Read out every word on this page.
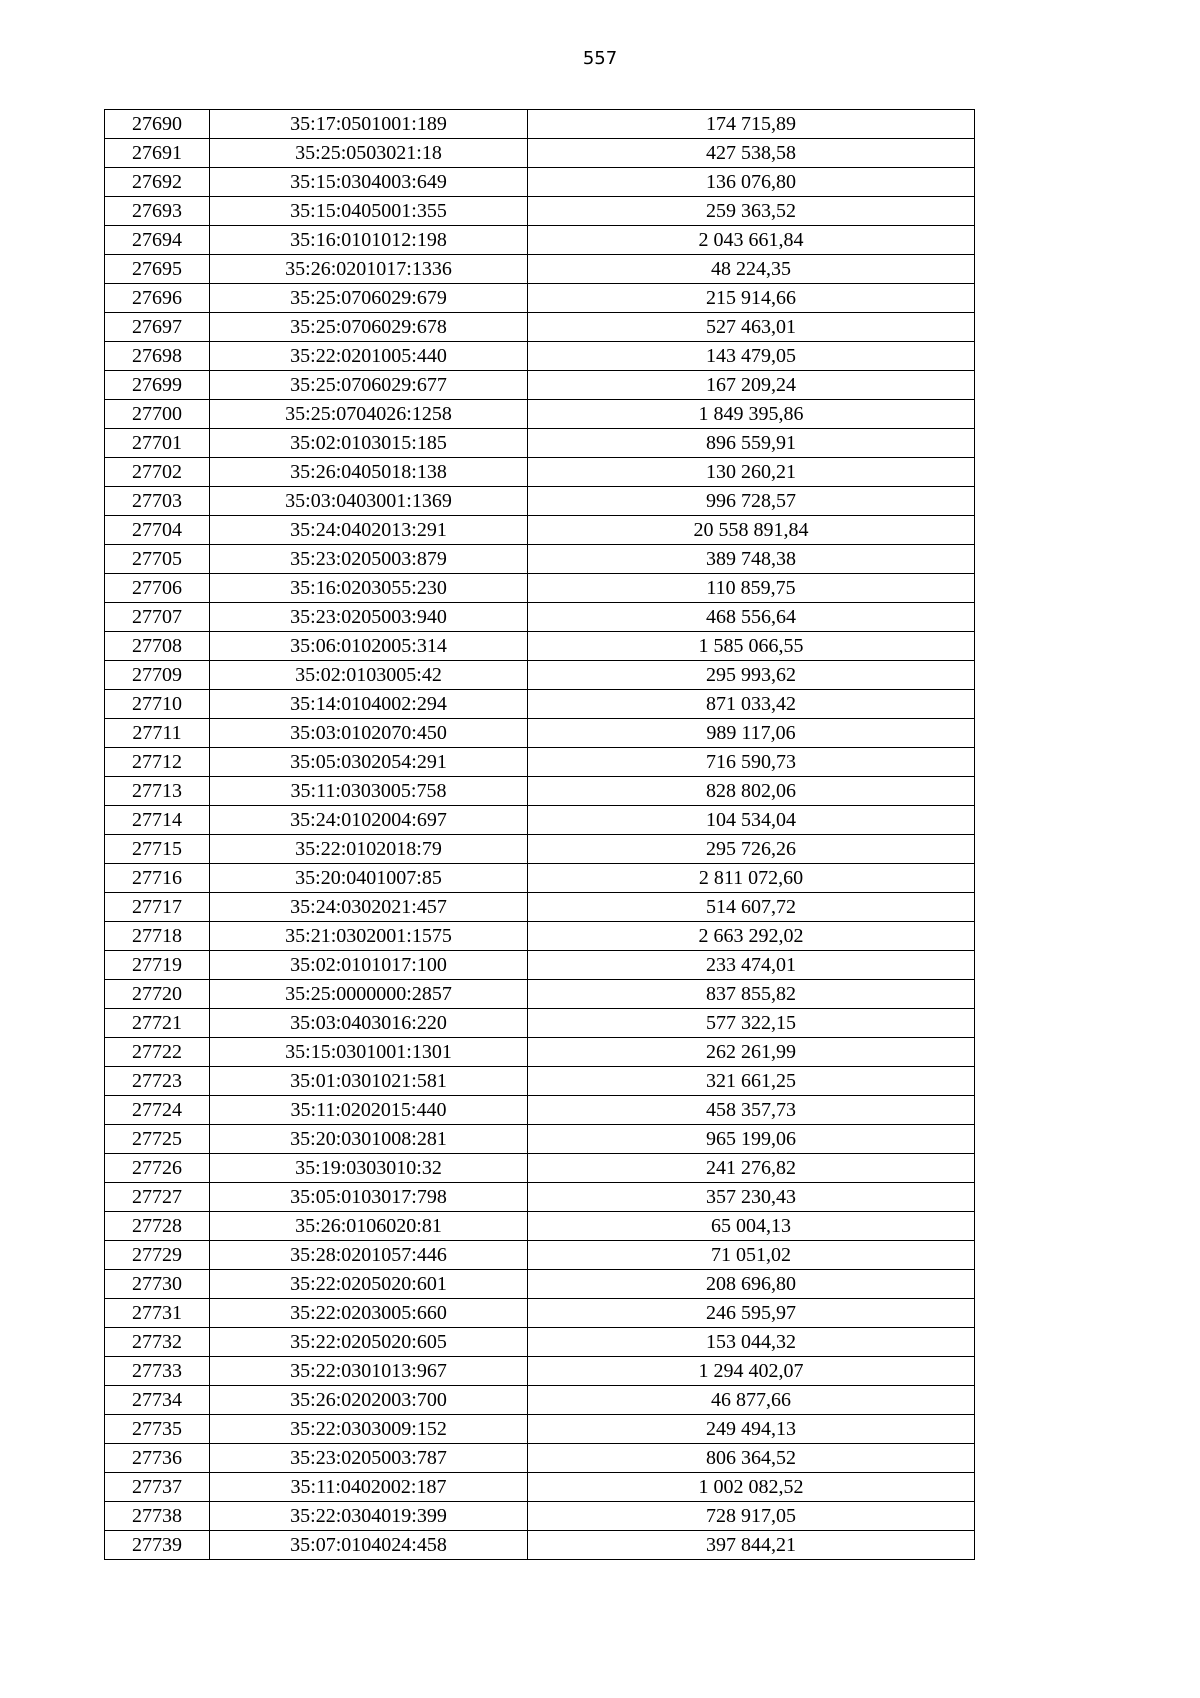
557
27690	35:17:0501001:189	174 715,89
27691	35:25:0503021:18	427 538,58
27692	35:15:0304003:649	136 076,80
27693	35:15:0405001:355	259 363,52
27694	35:16:0101012:198	2 043 661,84
27695	35:26:0201017:1336	48 224,35
27696	35:25:0706029:679	215 914,66
27697	35:25:0706029:678	527 463,01
27698	35:22:0201005:440	143 479,05
27699	35:25:0706029:677	167 209,24
27700	35:25:0704026:1258	1 849 395,86
27701	35:02:0103015:185	896 559,91
27702	35:26:0405018:138	130 260,21
27703	35:03:0403001:1369	996 728,57
27704	35:24:0402013:291	20 558 891,84
27705	35:23:0205003:879	389 748,38
27706	35:16:0203055:230	110 859,75
27707	35:23:0205003:940	468 556,64
27708	35:06:0102005:314	1 585 066,55
27709	35:02:0103005:42	295 993,62
27710	35:14:0104002:294	871 033,42
27711	35:03:0102070:450	989 117,06
27712	35:05:0302054:291	716 590,73
27713	35:11:0303005:758	828 802,06
27714	35:24:0102004:697	104 534,04
27715	35:22:0102018:79	295 726,26
27716	35:20:0401007:85	2 811 072,60
27717	35:24:0302021:457	514 607,72
27718	35:21:0302001:1575	2 663 292,02
27719	35:02:0101017:100	233 474,01
27720	35:25:0000000:2857	837 855,82
27721	35:03:0403016:220	577 322,15
27722	35:15:0301001:1301	262 261,99
27723	35:01:0301021:581	321 661,25
27724	35:11:0202015:440	458 357,73
27725	35:20:0301008:281	965 199,06
27726	35:19:0303010:32	241 276,82
27727	35:05:0103017:798	357 230,43
27728	35:26:0106020:81	65 004,13
27729	35:28:0201057:446	71 051,02
27730	35:22:0205020:601	208 696,80
27731	35:22:0203005:660	246 595,97
27732	35:22:0205020:605	153 044,32
27733	35:22:0301013:967	1 294 402,07
27734	35:26:0202003:700	46 877,66
27735	35:22:0303009:152	249 494,13
27736	35:23:0205003:787	806 364,52
27737	35:11:0402002:187	1 002 082,52
27738	35:22:0304019:399	728 917,05
27739	35:07:0104024:458	397 844,21
